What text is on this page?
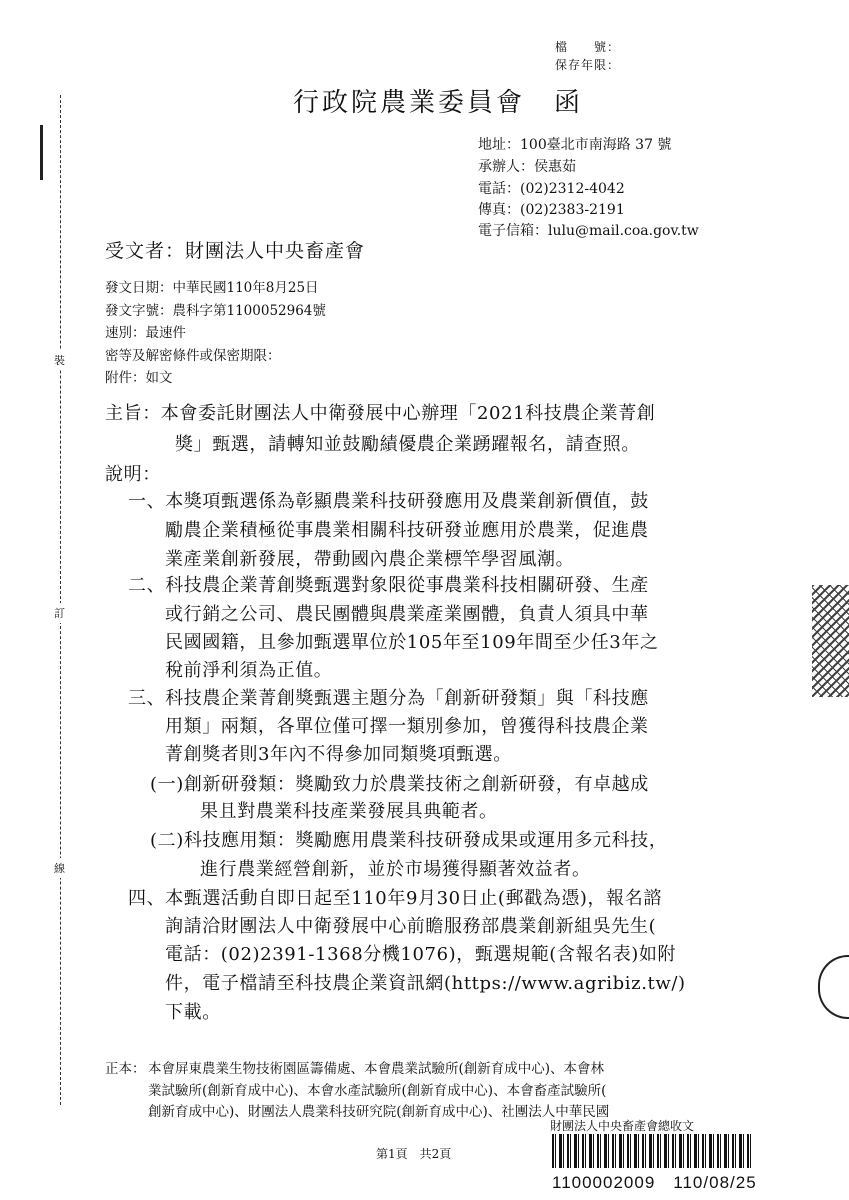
裝
訂
線
檔　　號：
保存年限：
行政院農業委員會　函
地址：100臺北市南海路 37 號
承辦人：侯惠茹
電話：(02)2312-4042
傳真：(02)2383-2191
電子信箱：lulu@mail.coa.gov.tw
受文者：財團法人中央畜產會
發文日期：中華民國110年8月25日
發文字號：農科字第1100052964號
速別：最速件
密等及解密條件或保密期限：
附件：如文
主旨：本會委託財團法人中衛發展中心辦理「2021科技農企業菁創
獎」甄選，請轉知並鼓勵績優農企業踴躍報名，請查照。
說明：
一、本獎項甄選係為彰顯農業科技研發應用及農業創新價值，鼓
勵農企業積極從事農業相關科技研發並應用於農業，促進農
業產業創新發展，帶動國內農企業標竿學習風潮。
二、科技農企業菁創獎甄選對象限從事農業科技相關研發、生產
或行銷之公司、農民團體與農業產業團體，負責人須具中華
民國國籍，且參加甄選單位於105年至109年間至少任3年之
稅前淨利須為正值。
三、科技農企業菁創獎甄選主題分為「創新研發類」與「科技應
用類」兩類，各單位僅可擇一類別參加，曾獲得科技農企業
菁創獎者則3年內不得參加同類獎項甄選。
(一)創新研發類：獎勵致力於農業技術之創新研發，有卓越成
果且對農業科技產業發展具典範者。
(二)科技應用類：獎勵應用農業科技研發成果或運用多元科技，
進行農業經營創新，並於市場獲得顯著效益者。
四、本甄選活動自即日起至110年9月30日止(郵戳為憑)，報名諮
詢請洽財團法人中衛發展中心前瞻服務部農業創新組吳先生(
電話：(02)2391-1368分機1076)，甄選規範(含報名表)如附
件，電子檔請至科技農企業資訊網(https://www.agribiz.tw/)
下載。
正本： 本會屏東農業生物技術園區籌備處、本會農業試驗所(創新育成中心)、本會林
業試驗所(創新育成中心)、本會水產試驗所(創新育成中心)、本會畜產試驗所(
創新育成中心)、財團法人農業科技研究院(創新育成中心)、社團法人中華民國
第1頁　共2頁
財團法人中央畜產會總收文
1100002009　110/08/25
